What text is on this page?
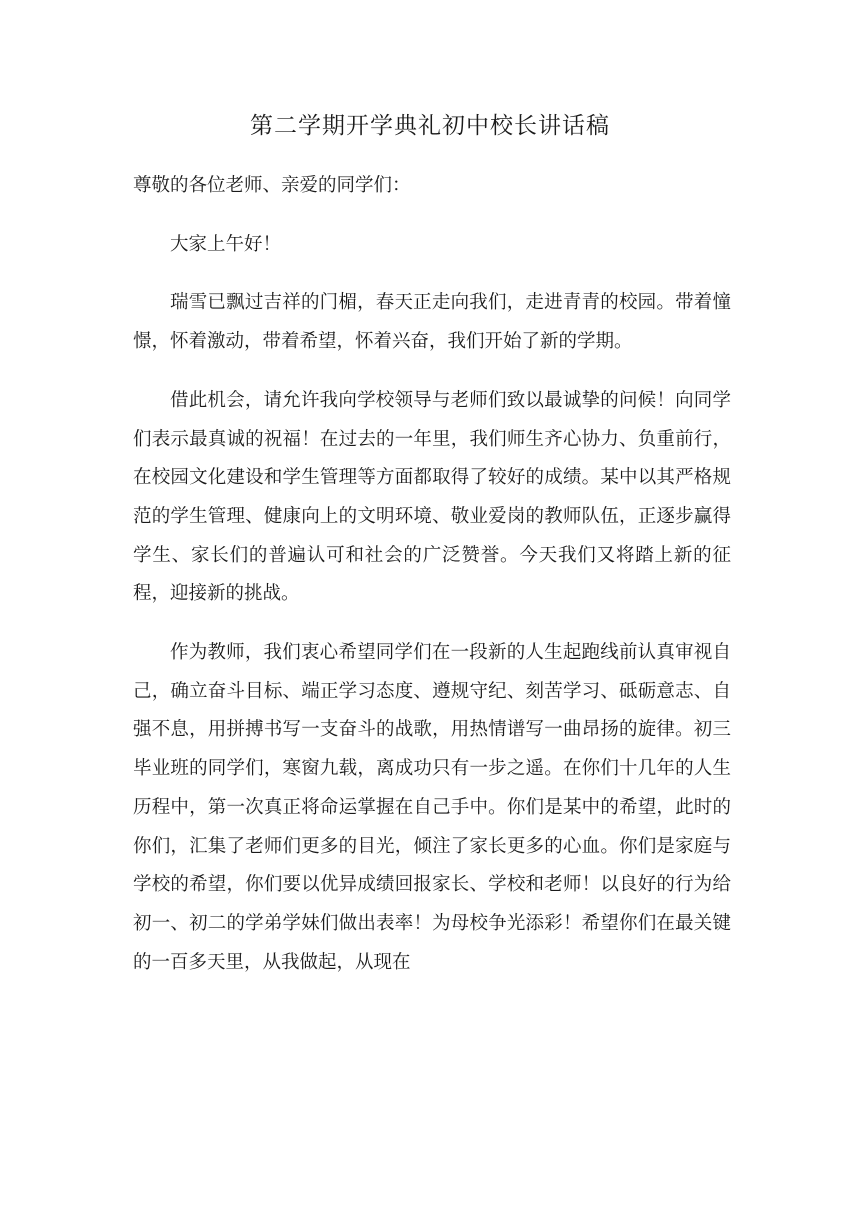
第二学期开学典礼初中校长讲话稿

尊敬的各位老师、亲爱的同学们：

大家上午好！

瑞雪已飘过吉祥的门楣，春天正走向我们，走进青青的校园。带着憧憬，怀着激动，带着希望，怀着兴奋，我们开始了新的学期。

借此机会，请允许我向学校领导与老师们致以最诚挚的问候！向同学们表示最真诚的祝福！在过去的一年里，我们师生齐心协力、负重前行，在校园文化建设和学生管理等方面都取得了较好的成绩。某中以其严格规范的学生管理、健康向上的文明环境、敬业爱岗的教师队伍，正逐步赢得学生、家长们的普遍认可和社会的广泛赞誉。今天我们又将踏上新的征程，迎接新的挑战。

作为教师，我们衷心希望同学们在一段新的人生起跑线前认真审视自己，确立奋斗目标、端正学习态度、遵规守纪、刻苦学习、砥砺意志、自强不息，用拼搏书写一支奋斗的战歌，用热情谱写一曲昂扬的旋律。初三毕业班的同学们，寒窗九载，离成功只有一步之遥。在你们十几年的人生历程中，第一次真正将命运掌握在自己手中。你们是某中的希望，此时的你们，汇集了老师们更多的目光，倾注了家长更多的心血。你们是家庭与学校的希望，你们要以优异成绩回报家长、学校和老师！以良好的行为给初一、初二的学弟学妹们做出表率！为母校争光添彩！希望你们在最关键的一百多天里，从我做起，从现在
